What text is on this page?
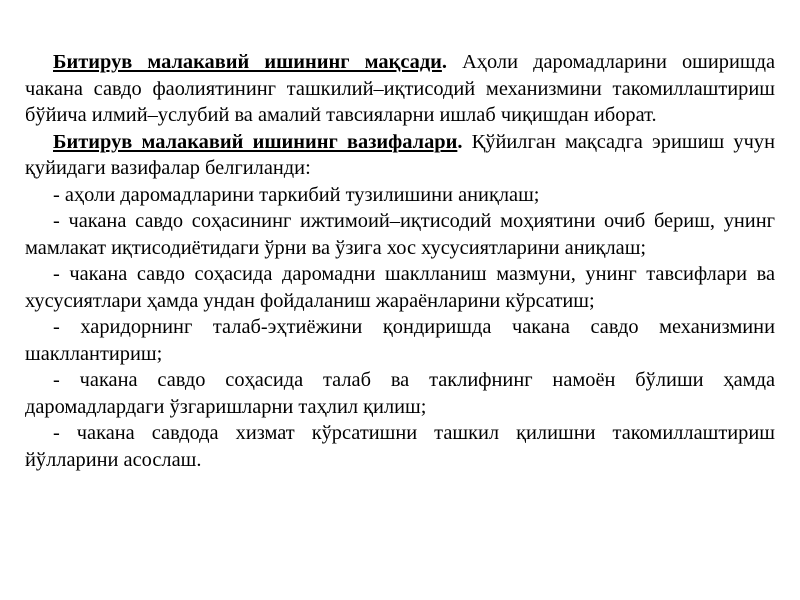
Битирув малакавий ишининг мақсади. Аҳоли даромадларини оширишда чакана савдо фаолиятининг ташкилий–иқтисодий механизмини такомиллаштириш бўйича илмий–услубий ва амалий тавсияларни ишлаб чиқишдан иборат.

Битирув малакавий ишининг вазифалари. Қўйилган мақсадга эришиш учун қуйидаги вазифалар белгиланди:

- аҳоли даромадларини таркибий тузилишини аниқлаш;

- чакана савдо соҳасининг ижтимоий–иқтисодий моҳиятини очиб бериш, унинг мамлакат иқтисодиётидаги ўрни ва ўзига хос хусусиятларини аниқлаш;

- чакана савдо соҳасида даромадни шаклланиш мазмуни, унинг тавсифлари ва хусусиятлари ҳамда ундан фойдаланиш жараёнларини кўрсатиш;

- харидорнинг талаб-эҳтиёжини қондиришда чакана савдо механизмини шакллантириш;

- чакана савдо соҳасида талаб ва таклифнинг намоён бўлиши ҳамда даромадлардаги ўзгаришларни таҳлил қилиш;

- чакана савдода хизмат кўрсатишни ташкил қилишни такомиллаштириш йўлларини асослаш.
